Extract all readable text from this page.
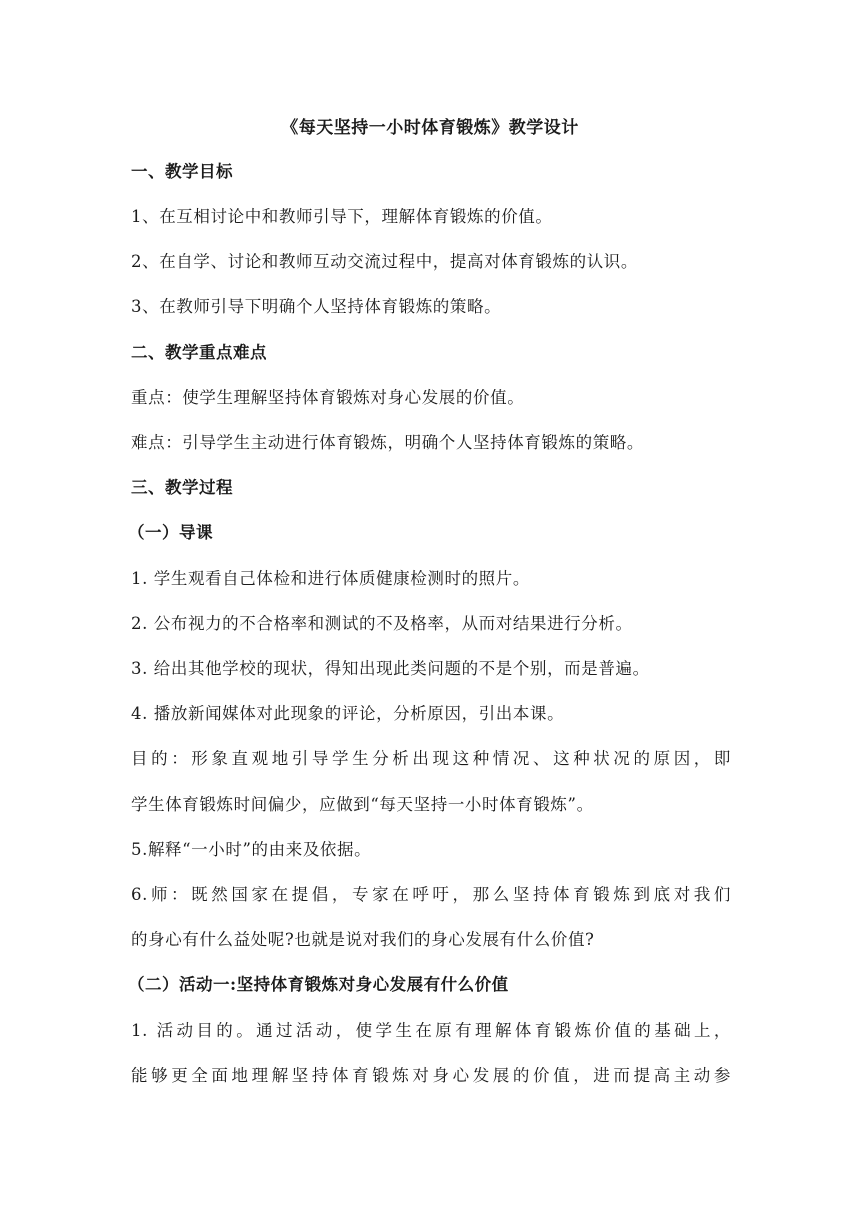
《每天坚持一小时体育锻炼》教学设计
一、教学目标
1、在互相讨论中和教师引导下，理解体育锻炼的价值。
2、在自学、讨论和教师互动交流过程中，提高对体育锻炼的认识。
3、在教师引导下明确个人坚持体育锻炼的策略。
二、教学重点难点
重点：使学生理解坚持体育锻炼对身心发展的价值。
难点：引导学生主动进行体育锻炼，明确个人坚持体育锻炼的策略。
三、教学过程
（一）导课
1. 学生观看自己体检和进行体质健康检测时的照片。
2. 公布视力的不合格率和测试的不及格率，从而对结果进行分析。
3. 给出其他学校的现状，得知出现此类问题的不是个别，而是普遍。
4. 播放新闻媒体对此现象的评论，分析原因，引出本课。
目的：形象直观地引导学生分析出现这种情况、这种状况的原因，即
学生体育锻炼时间偏少，应做到“每天坚持一小时体育锻炼”。
5.解释“一小时”的由来及依据。
6.师：既然国家在提倡，专家在呼吁，那么坚持体育锻炼到底对我们
的身心有什么益处呢?也就是说对我们的身心发展有什么价值?
（二）活动一:坚持体育锻炼对身心发展有什么价值
1. 活动目的。通过活动，使学生在原有理解体育锻炼价值的基础上，
能够更全面地理解坚持体育锻炼对身心发展的价值，进而提高主动参
